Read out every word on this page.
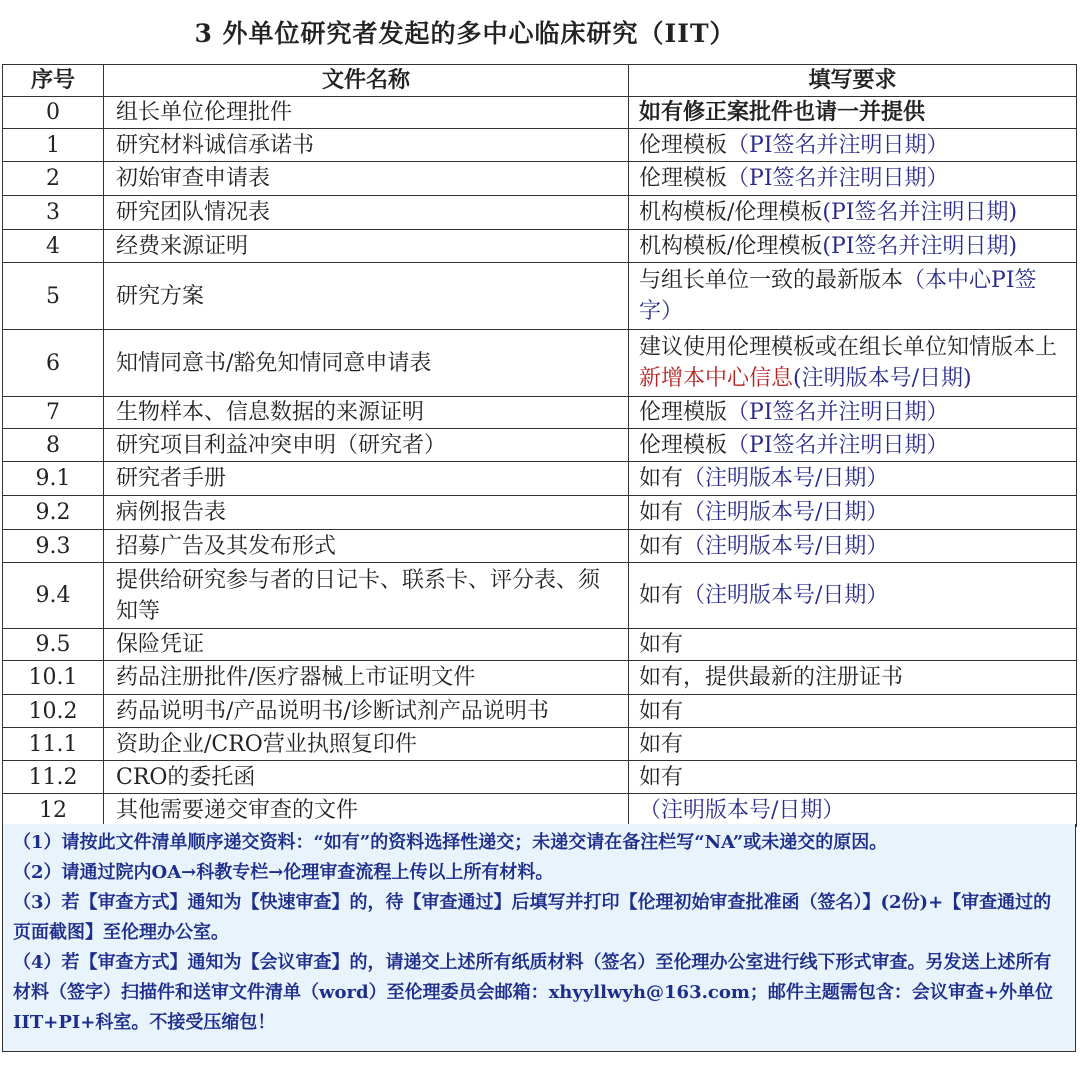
3 外单位研究者发起的多中心临床研究（IIT）
序号	文件名称	填写要求
0	组长单位伦理批件	如有修正案批件也请一并提供
1	研究材料诚信承诺书	伦理模板（PI签名并注明日期）
2	初始审查申请表	伦理模板（PI签名并注明日期）
3	研究团队情况表	机构模板/伦理模板(PI签名并注明日期)
4	经费来源证明	机构模板/伦理模板(PI签名并注明日期)
5	研究方案	与组长单位一致的最新版本（本中心PI签字）
6	知情同意书/豁免知情同意申请表	建议使用伦理模板或在组长单位知情版本上新增本中心信息(注明版本号/日期)
7	生物样本、信息数据的来源证明	伦理模版（PI签名并注明日期）
8	研究项目利益冲突申明（研究者）	伦理模板（PI签名并注明日期）
9.1	研究者手册	如有（注明版本号/日期）
9.2	病例报告表	如有（注明版本号/日期）
9.3	招募广告及其发布形式	如有（注明版本号/日期）
9.4	提供给研究参与者的日记卡、联系卡、评分表、须知等	如有（注明版本号/日期）
9.5	保险凭证	如有
10.1	药品注册批件/医疗器械上市证明文件	如有，提供最新的注册证书
10.2	药品说明书/产品说明书/诊断试剂产品说明书	如有
11.1	资助企业/CRO营业执照复印件	如有
11.2	CRO的委托函	如有
12	其他需要递交审查的文件	（注明版本号/日期）

（1）请按此文件清单顺序递交资料：“如有”的资料选择性递交；未递交请在备注栏写“NA”或未递交的原因。

（2）请通过院内OA→科教专栏→伦理审查流程上传以上所有材料。

（3）若【审查方式】通知为【快速审查】的，待【审查通过】后填写并打印【伦理初始审查批准函（签名）】(2份)+【审查通过的页面截图】至伦理办公室。

（4）若【审查方式】通知为【会议审查】的，请递交上述所有纸质材料（签名）至伦理办公室进行线下形式审查。另发送上述所有材料（签字）扫描件和送审文件清单（word）至伦理委员会邮箱：xhyyllwyh@163.com；邮件主题需包含：会议审查+外单位IIT+PI+科室。不接受压缩包！
